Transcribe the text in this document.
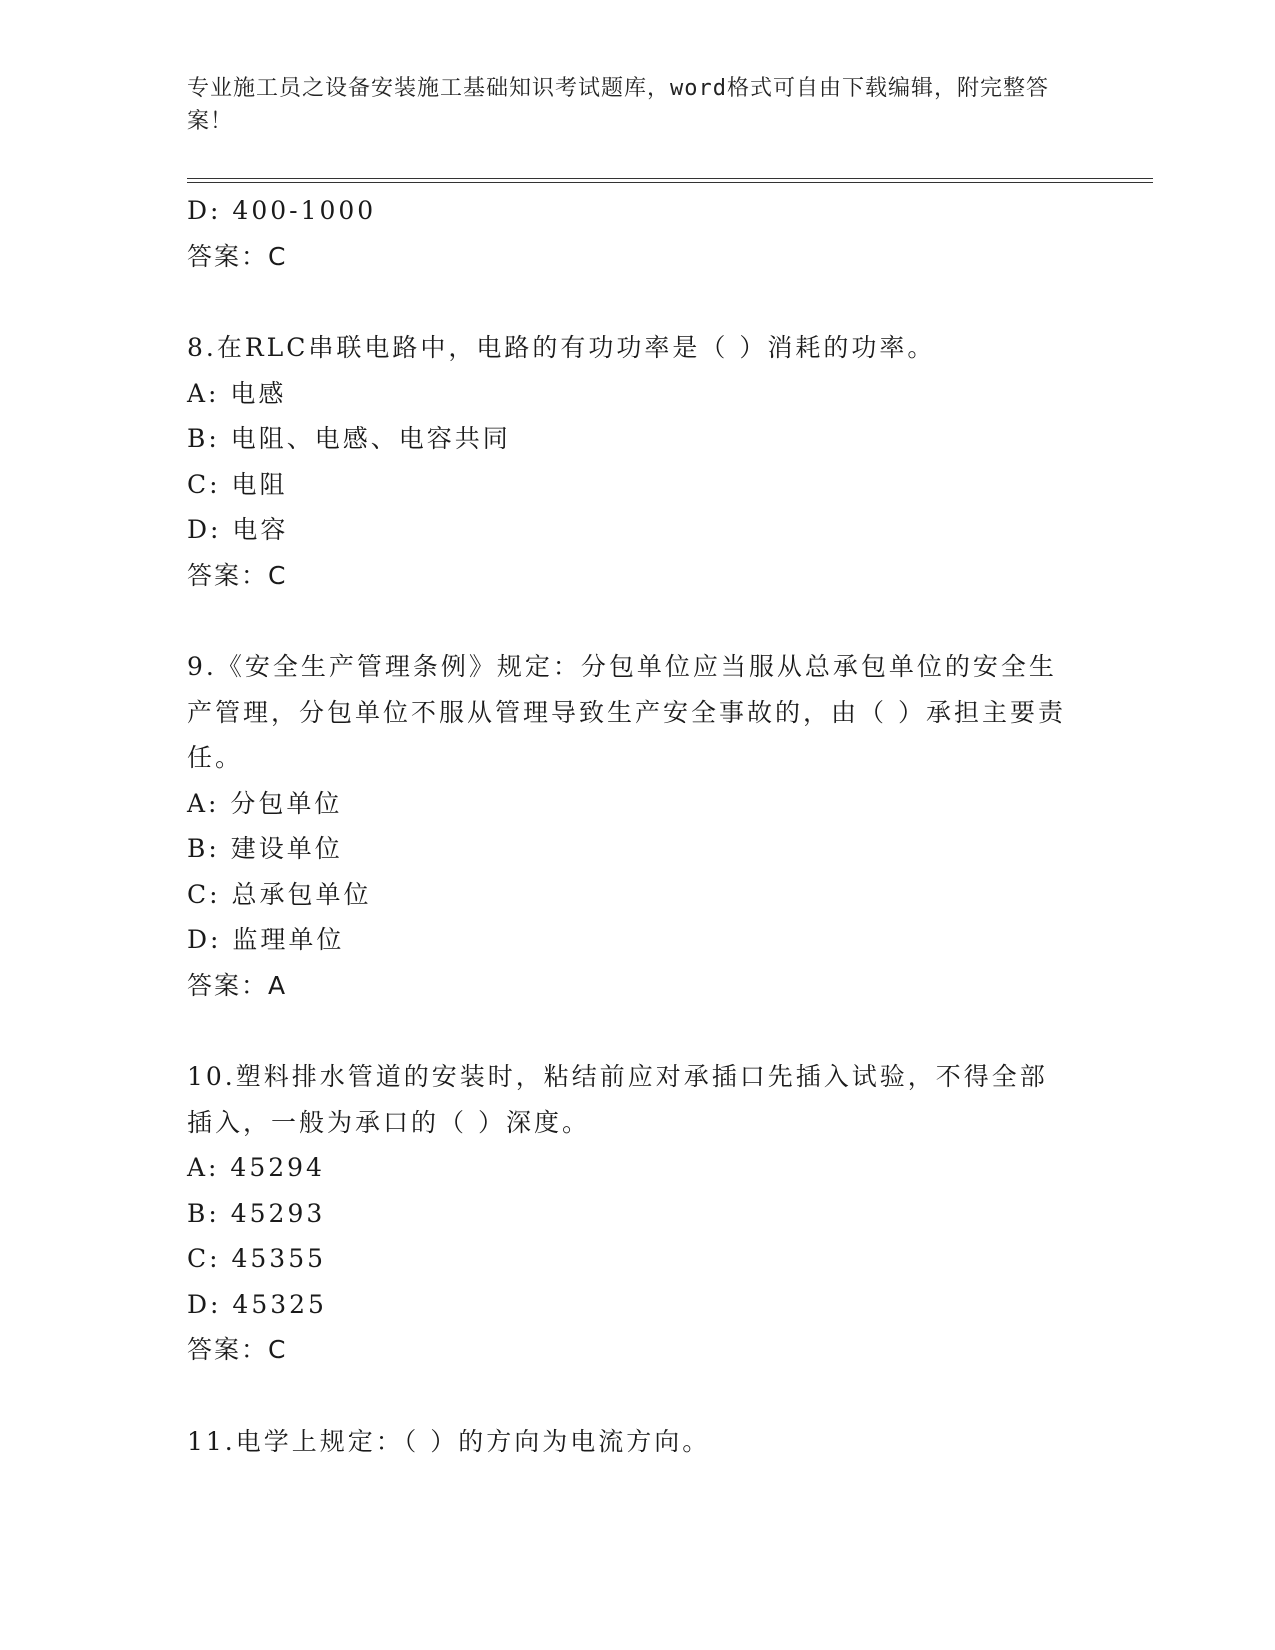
专业施工员之设备安装施工基础知识考试题库，word格式可自由下载编辑，附完整答案！
D: 400-1000
答案：C
8.在RLC串联电路中，电路的有功功率是（ ）消耗的功率。
A: 电感
B: 电阻、电感、电容共同
C: 电阻
D: 电容
答案：C
9.《安全生产管理条例》规定：分包单位应当服从总承包单位的安全生产管理，分包单位不服从管理导致生产安全事故的，由（ ）承担主要责任。
A: 分包单位
B: 建设单位
C: 总承包单位
D: 监理单位
答案：A
10.塑料排水管道的安装时，粘结前应对承插口先插入试验，不得全部插入，一般为承口的（ ）深度。
A: 45294
B: 45293
C: 45355
D: 45325
答案：C
11.电学上规定：（ ）的方向为电流方向。
